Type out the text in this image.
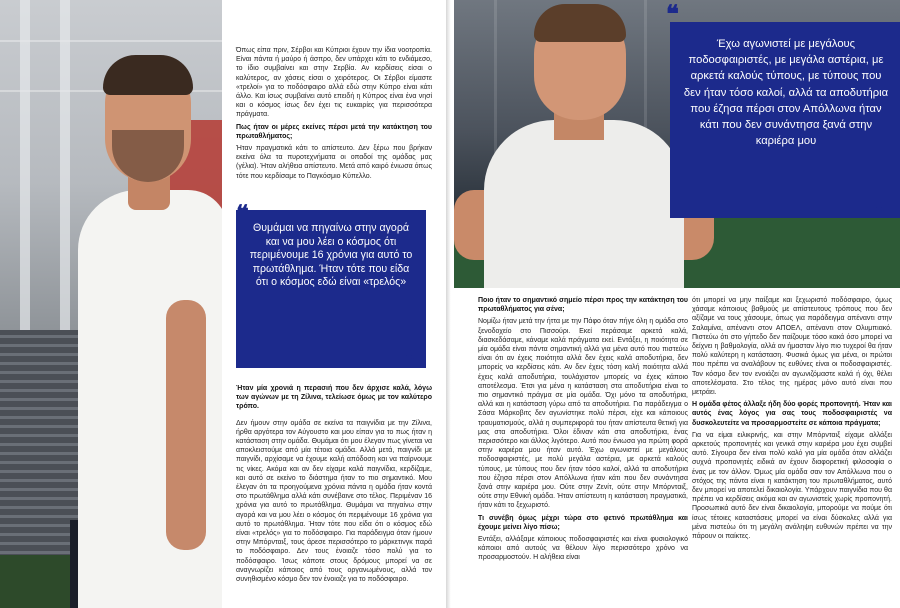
Όπως είπα πριν, Σέρβοι και Κύπριοι έχουν την ίδια νοοτροπία. Είναι πάντα ή μαύρο ή άσπρο, δεν υπάρχει κάτι το ενδιάμεσο, το ίδιο συμβαίνει και στην Σερβία. Αν κερδίσεις είσαι ο καλύτερος, αν χάσεις είσαι ο χειρότερος. Οι Σέρβοι είμαστε «τρελοί» για το ποδόσφαιρο αλλά εδώ στην Κύπρο είναι κάτι άλλο. Και ίσως συμβαίνει αυτό επειδή η Κύπρος είναι ένα νησί και ο κόσμος ίσως δεν έχει τις ευκαιρίες για περισσότερα πράγματα.

Πως ήταν οι μέρες εκείνες πέρσι μετά την κατάκτηση του πρωταθλήματος;

Ήταν πραγματικά κάτι το απίστευτο. Δεν ξέρω που βρήκαν εκείνα όλα τα πυροτεχνήματα οι οπαδοί της ομάδας μας (γέλια). Ήταν αλήθεια απίστευτο. Μετά από καιρό ένιωσα όπως τότε που κερδίσαμε το Παγκόσμιο Κύπελλο.

Θυμάμαι να πηγαίνω στην αγορά και να μου λέει ο κόσμος ότι περιμένουμε 16 χρόνια για αυτό το πρωτάθλημα. Ήταν τότε που είδα ότι ο κόσμος εδώ είναι «τρελός»
❞

Ήταν μία χρονιά η περασιή που δεν άρχισε καλά, λόγω των αγώνων με τη Ζίλινα, τελείωσε όμως με τον καλύτερο τρόπο.

Δεν ήμουν στην ομάδα σε εκείνα τα παιγνίδια με την Ζίλινα, ήρθα αργότερα τον Αύγουστο και μου είπαν για το πως ήταν η κατάσταση στην ομάδα. Θυμάμαι ότι μου έλεγαν πως γίνεται να αποκλειστούμε από μία τέτοια ομάδα. Αλλά μετά, παιγνίδι με παιγνίδι, αρχίσαμε να έχουμε καλή απόδοση και να παίρνουμε τις νίκες. Ακόμα και αν δεν είχαμε καλά παιγνίδια, κερδίζαμε, και αυτό σε εκείνο το διάστημα ήταν το πιο σημαντικό. Μου έλεγαν ότι τα προηγούμενα χρόνια πάντα η ομάδα ήταν κοντά στο πρωτάθλημα αλλά κάτι συνέβαινε στο τέλος. Περιμέναν 16 χρόνια για αυτό το πρωτάθλημα. Θυμάμαι να πηγαίνω στην αγορά και να μου λέει ο κόσμος ότι περιμένουμε 16 χρόνια για αυτό το πρωτάθλημα. Ήταν τότε που είδα ότι ο κόσμος εδώ είναι «τρελός» για το ποδόσφαιρο. Για παράδειγμα όταν ήμουν στην Μπόρνταιξ, τους άρεσε περισσότερο το μάρκετινγκ παρά το ποδόσφαιρο. Δεν τους ένοιαζε τόσο πολύ για το ποδόσφαιρο. Ίσως κάποτε στους δρόμους μπορεί να σε αναγνωρίζει κάποιος από τους οργανωμένους, αλλά τον συνηθισμένο κόσμο δεν τον ένοιαζε για το ποδόσφαιρο.

Έχω αγωνιστεί με μεγάλους ποδοσφαιριστές, με μεγάλα αστέρια, με αρκετά καλούς τύπους, με τύπους που δεν ήταν τόσο καλοί, αλλά τα αποδυτήρια που έζησα πέρσι στον Απόλλωνα ήταν κάτι που δεν συνάντησα ξανά στην καριέρα μου
❝
❞

Ποιο ήταν το σημαντικό σημείο πέρσι προς την κατάκτηση του πρωταθλήματος για σένα;

Νομίζω ήταν μετά την ήττα με την Πάφο όταν πήγε όλη η ομάδα στο ξενοδοχείο στο Πισσούρι. Εκεί περάσαμε αρκετά καλά, διασκεδάσαμε, κάναμε καλά πράγματα εκεί. Εντάξει, η ποιότητα σε μία ομάδα είναι πάντα σημαντική αλλά για μένα αυτό που πιστεύω είναι ότι αν έχεις ποιότητα αλλά δεν έχεις καλά αποδυτήρια, δεν μπορείς να κερδίσεις κάτι. Αν δεν έχεις τόση καλή ποιότητα αλλά έχεις καλά αποδυτήρια, τουλάχιστον μπορείς να έχεις κάποιο αποτέλεσμα. Έτσι για μένα η κατάσταση στα αποδυτήρια είναι το πιο σημαντικό πράγμα σε μία ομάδα. Όχι μόνο τα αποδυτήρια, αλλά και η κατάσταση γύρω από τα αποδυτήρια. Για παράδειγμα ο Σάσα Μάρκοβιτς δεν αγωνίστηκε πολύ πέρσι, είχε και κάποιους τραυματισμούς, αλλά η συμπεριφορά του ήταν απίστευτα θετική για μας στα αποδυτήρια. Όλοι έδιναν κάτι στα αποδυτήρια, ένας περισσότερο και άλλος λιγότερο. Αυτό που ένιωσα για πρώτη φορά στην καριέρα μου ήταν αυτό. Έχω αγωνιστεί με μεγάλους ποδοσφαιριστές, με πολύ μεγάλα αστέρια, με αρκετά καλούς τύπους, με τύπους που δεν ήταν τόσο καλοί, αλλά τα αποδυτήρια που έζησα πέρσι στον Απόλλωνα ήταν κάτι που δεν συνάντησα ξανά στην καριέρα μου. Ούτε στην Ζενίτ, ούτε στην Μπόρνταιξ, ούτε στην Εθνική ομάδα. Ήταν απίστευτη η κατάσταση πραγματικά, ήταν κάτι το ξεχωριστό.

Τι συνέβη όμως μέχρι τώρα στο φετινό πρωτάθλημα και έχουμε μείνει λίγο πίσω;

Εντάξει, αλλάξαμε κάποιους ποδοσφαιριστές και είναι φυσιολογικό κάποιοι από αυτούς να θέλουν λίγο περισσότερο χρόνο να προσαρμοστούν. Η αλήθεια είναι

ότι μπορεί να μην παίξαμε και ξεχωριστό ποδόσφαιρο, όμως χάσαμε κάποιους βαθμούς με απίστευτους τρόπους που δεν αξίζαμε να τους χάσουμε, όπως για παράδειγμα απέναντι στην Σαλαμίνα, απέναντι στον ΑΠΟΕΛ, απέναντι στον Ολυμπιακό. Πιστεύω ότι στο γήπεδο δεν παίζουμε τόσο κακά όσο μπορεί να δείχνει η βαθμολογία, αλλά αν ήμασταν λίγο πιο τυχεροί θα ήταν πολύ καλύτερη η κατάσταση. Φυσικά όμως για μένα, οι πρώτοι που πρέπει να αναλάβουν τις ευθύνες είναι οι ποδοσφαιριστές. Τον κόσμο δεν τον ενοιάζει αν αγωνιζόμαστε καλά ή όχι, θέλει αποτελέσματα. Στο τέλος της ημέρας μόνο αυτό είναι που μετράει.

Η ομάδα φέτος άλλαξε ήδη δύο φορές προπονητή. Ήταν και αυτός ένας λόγος για σας τους ποδοσφαιριστές να δυσκολευτείτε να προσαρμοστείτε σε κάποια πράγματα;

Για να είμαι ειλικρινής, και στην Μπόρνταιξ είχαμε αλλάξει αρκετούς προπονητές και γενικά στην καριέρα μου έχει συμβεί αυτό. Σίγουρα δεν είναι πολύ καλό για μία ομάδα όταν αλλάζει συχνά προπονητές ειδικά αν έχουν διαφορετική φιλοσοφία ο ένας με τον άλλον. Όμως μία ομάδα σαν τον Απόλλωνα που ο στόχος της πάντα είναι η κατάκτηση του πρωταθλήματος, αυτό δεν μπορεί να αποτελεί δικαιολογία. Υπάρχουν παιγνίδια που θα πρέπει να κερδίσεις ακόμα και αν αγωνιστείς χωρίς προπονητή. Προσωπικά αυτό δεν είναι δικαιολογία, μπορούμε να πούμε ότι ίσως τέτοιες καταστάσεις μπορεί να είναι δύσκολες αλλά για μένα πιστεύω ότι τη μεγάλη ανάληψη ευθυνών πρέπει να την πάρουν οι παίκτες.
